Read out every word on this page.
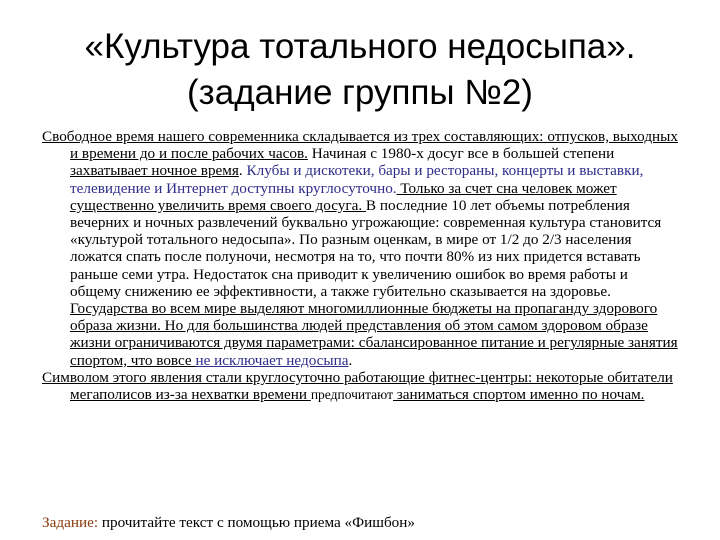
«Культура тотального недосыпа».
(задание группы №2)

Свободное время нашего современника складывается из трех составляющих: отпусков, выходных и времени до и после рабочих часов. Начиная с 1980-х досуг все в большей степени захватывает ночное время. Клубы и дискотеки, бары и рестораны, концерты и выставки, телевидение и Интернет доступны круглосуточно. Только за счет сна человек может существенно увеличить время своего досуга. В последние 10 лет объемы потребления вечерних и ночных развлечений буквально угрожающие: современная культура становится «культурой тотального недосыпа». По разным оценкам, в мире от 1/2 до 2/3 населения ложатся спать после полуночи, несмотря на то, что почти 80% из них придется вставать раньше семи утра. Недостаток сна приводит к увеличению ошибок во время работы и общему снижению ее эффективности, а также губительно сказывается на здоровье. Государства во всем мире выделяют многомиллионные бюджеты на пропаганду здорового образа жизни. Но для большинства людей представления об этом самом здоровом образе жизни ограничиваются двумя параметрами: сбалансированное питание и регулярные занятия спортом, что вовсе не исключает недосыпа.

Символом этого явления стали круглосуточно работающие фитнес-центры: некоторые обитатели мегаполисов из-за нехватки времени предпочитают заниматься спортом именно по ночам.

Задание: прочитайте текст с помощью приема «Фишбон»
